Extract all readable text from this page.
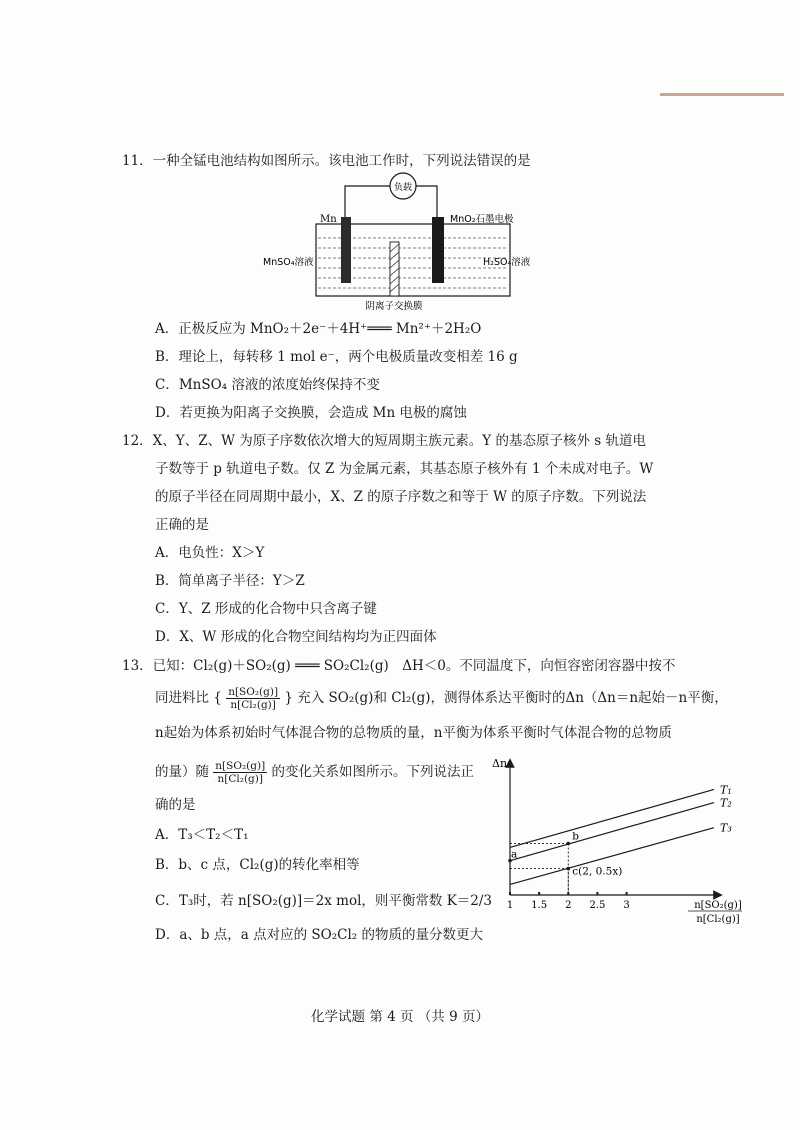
11．一种全锰电池结构如图所示。该电池工作时，下列说法错误的是
负载
Mn	MnO₂石墨电极
MnSO₄溶液	H₂SO₄溶液
阴离子交换膜
A．正极反应为 MnO₂＋2e⁻＋4H⁺═══ Mn²⁺＋2H₂O
B．理论上，每转移 1 mol e⁻，两个电极质量改变相差 16 g
C．MnSO₄ 溶液的浓度始终保持不变
D．若更换为阳离子交换膜，会造成 Mn 电极的腐蚀
12．X、Y、Z、W 为原子序数依次增大的短周期主族元素。Y 的基态原子核外 s 轨道电
子数等于 p 轨道电子数。仅 Z 为金属元素，其基态原子核外有 1 个未成对电子。W
的原子半径在同周期中最小，X、Z 的原子序数之和等于 W 的原子序数。下列说法
正确的是
A．电负性：X＞Y
B．简单离子半径：Y＞Z
C．Y、Z 形成的化合物中只含离子键
D．X、W 形成的化合物空间结构均为正四面体
13．已知：Cl₂(g)＋SO₂(g) ═══ SO₂Cl₂(g)　ΔH＜0。不同温度下，向恒容密闭容器中按不
同进料比 { $\frac{\text{n[SO₂(g)]}}{\text{n[Cl₂(g)]}}$ } 充入 SO₂(g)和 Cl₂(g)，测得体系达平衡时的Δn（Δn＝n起始－n平衡，
n起始为体系初始时气体混合物的总物质的量，n平衡为体系平衡时气体混合物的总物质
的量）随 $\frac{\text{n[SO₂(g)]}}{\text{n[Cl₂(g)]}}$ 的变化关系如图所示。下列说法正
确的是
A．T₃＜T₂＜T₁
B．b、c 点，Cl₂(g)的转化率相等
C．T₃时，若 n[SO₂(g)]＝2x mol，则平衡常数 K＝2/3
D．a、b 点，a 点对应的 SO₂Cl₂ 的物质的量分数更大
Δn
T₁
T₂
T₃
1 1.5 2 2.5 3
a
b
c(2, 0.5x)
n[SO₂(g)]
n[Cl₂(g)]
化学试题 第 4 页 （共 9 页）
